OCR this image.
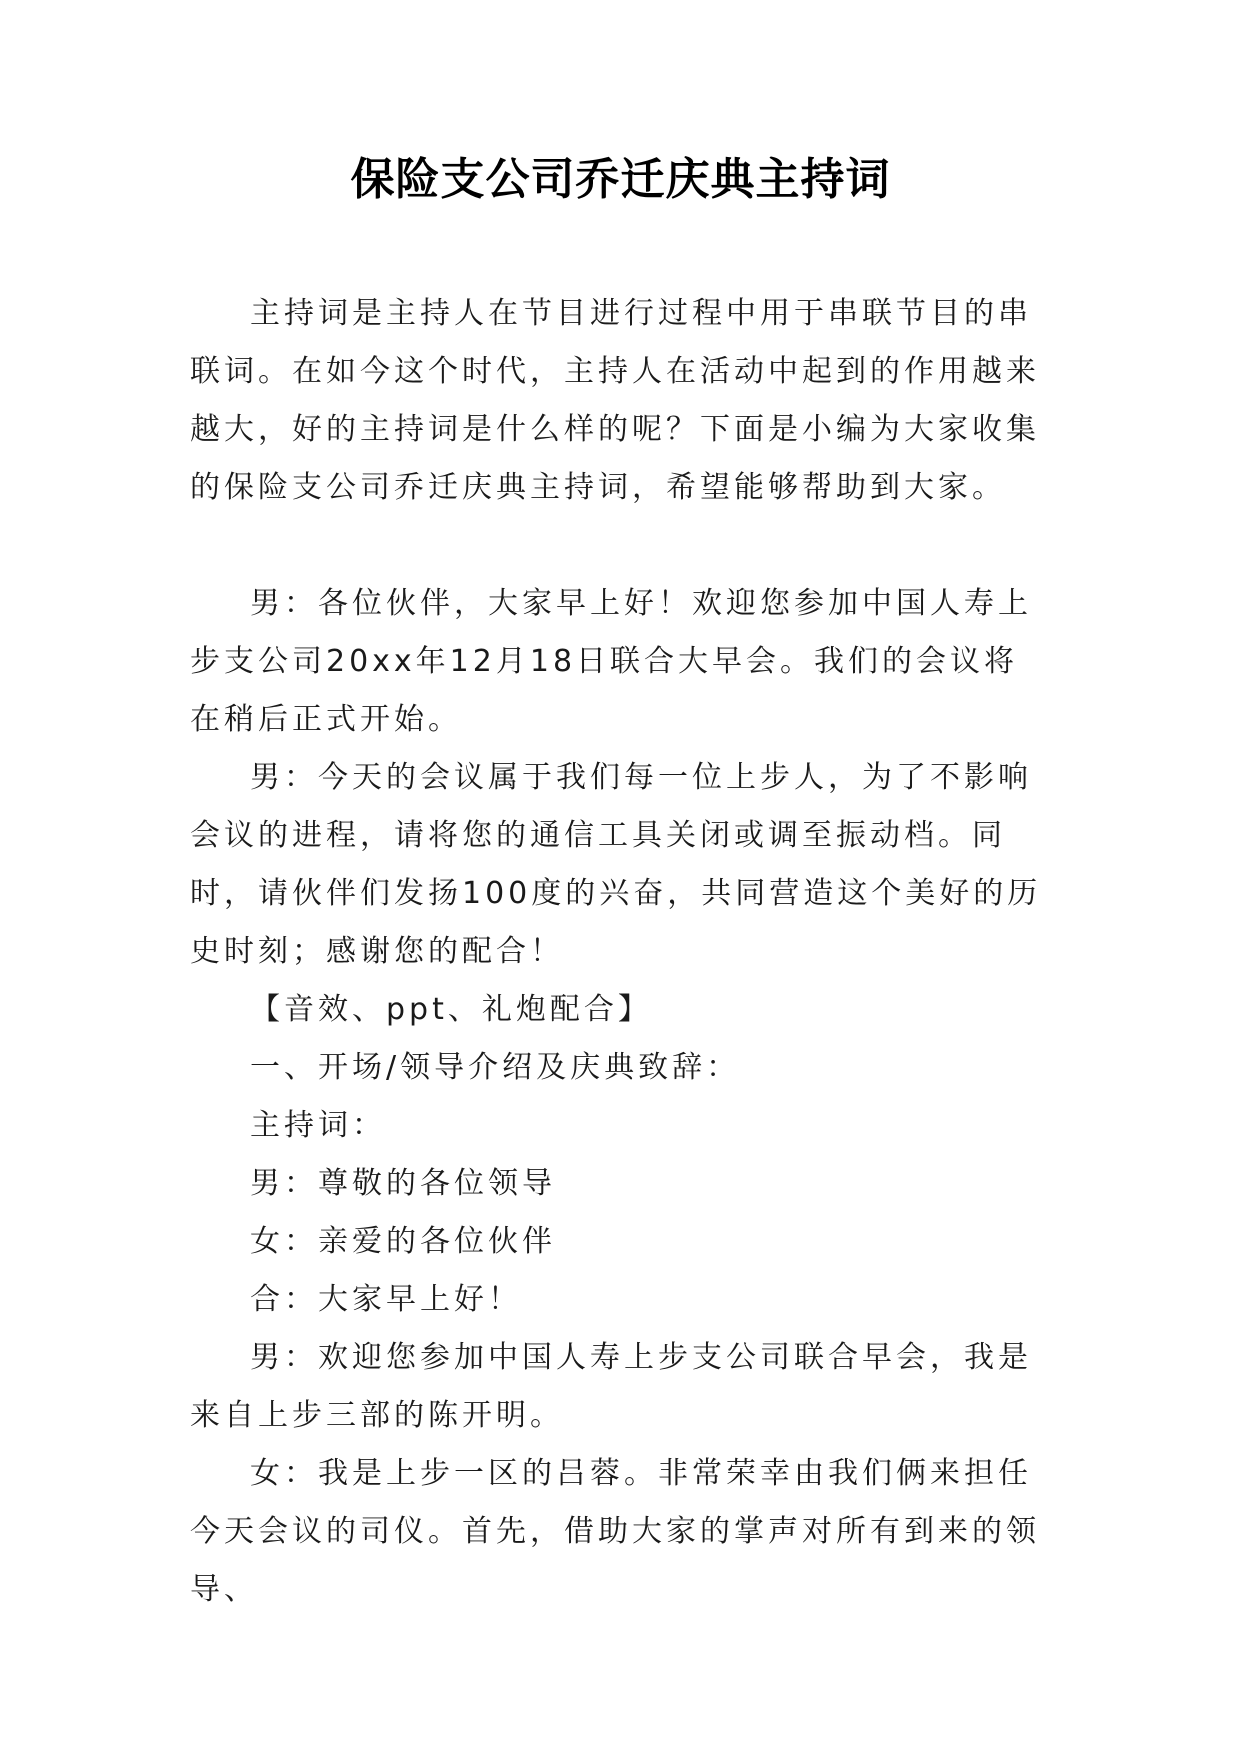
保险支公司乔迁庆典主持词

主持词是主持人在节目进行过程中用于串联节目的串联词。在如今这个时代，主持人在活动中起到的作用越来越大，好的主持词是什么样的呢？下面是小编为大家收集的保险支公司乔迁庆典主持词，希望能够帮助到大家。

男：各位伙伴，大家早上好！欢迎您参加中国人寿上步支公司20xx年12月18日联合大早会。我们的会议将在稍后正式开始。

男：今天的会议属于我们每一位上步人，为了不影响会议的进程，请将您的通信工具关闭或调至振动档。同时，请伙伴们发扬100度的兴奋，共同营造这个美好的历史时刻；感谢您的配合！

【音效、ppt、礼炮配合】

一、开场/领导介绍及庆典致辞：

主持词：

男：尊敬的各位领导

女：亲爱的各位伙伴

合：大家早上好！

男：欢迎您参加中国人寿上步支公司联合早会，我是来自上步三部的陈开明。

女：我是上步一区的吕蓉。非常荣幸由我们俩来担任今天会议的司仪。首先，借助大家的掌声对所有到来的领导、
